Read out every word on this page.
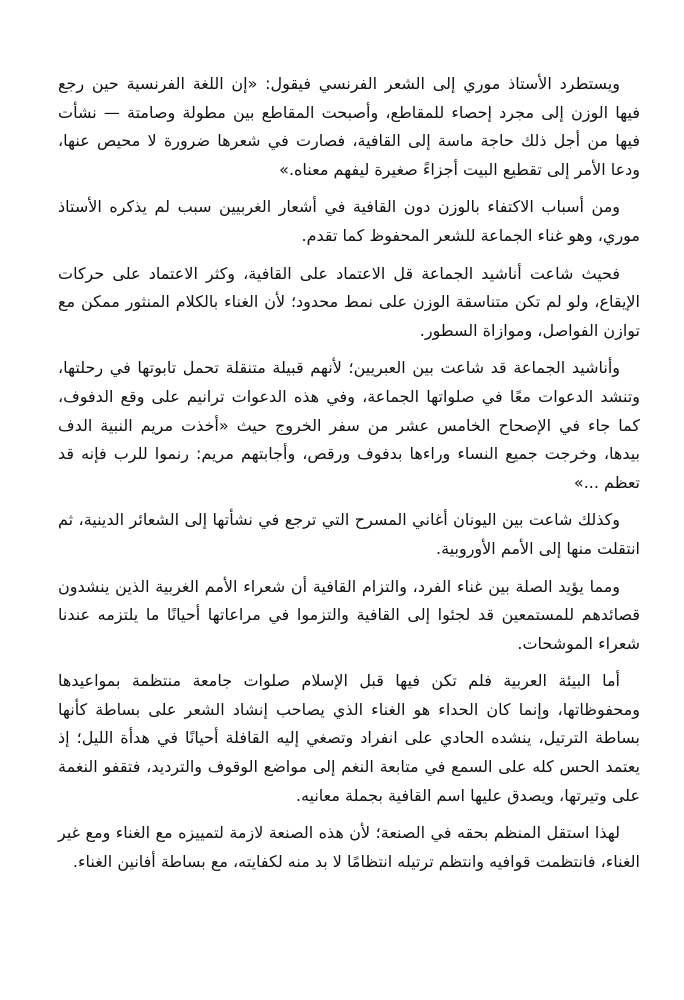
ويستطرد الأستاذ موري إلى الشعر الفرنسي فيقول: «إن اللغة الفرنسية حين رجع فيها الوزن إلى مجرد إحصاء للمقاطع، وأصبحت المقاطع بين مطولة وصامتة — نشأت فيها من أجل ذلك حاجة ماسة إلى القافية، فصارت في شعرها ضرورة لا محيص عنها، ودعا الأمر إلى تقطيع البيت أجزاءً صغيرة ليفهم معناه.»

ومن أسباب الاكتفاء بالوزن دون القافية في أشعار الغربيين سبب لم يذكره الأستاذ موري، وهو غناء الجماعة للشعر المحفوظ كما تقدم.

فحيث شاعت أناشيد الجماعة قل الاعتماد على القافية، وكثر الاعتماد على حركات الإيقاع، ولو لم تكن متناسقة الوزن على نمط محدود؛ لأن الغناء بالكلام المنثور ممكن مع توازن الفواصل، وموازاة السطور.

وأناشيد الجماعة قد شاعت بين العبريين؛ لأنهم قبيلة متنقلة تحمل تابوتها في رحلتها، وتنشد الدعوات معًا في صلواتها الجماعة، وفي هذه الدعوات ترانيم على وقع الدفوف، كما جاء في الإصحاح الخامس عشر من سفر الخروج حيث «أخذت مريم النبية الدف بيدها، وخرجت جميع النساء وراءها بدفوف ورقص، وأجابتهم مريم: رنموا للرب فإنه قد تعظم ...»

وكذلك شاعت بين اليونان أغاني المسرح التي ترجع في نشأتها إلى الشعائر الدينية، ثم انتقلت منها إلى الأمم الأوروبية.

ومما يؤيد الصلة بين غناء الفرد، والتزام القافية أن شعراء الأمم الغربية الذين ينشدون قصائدهم للمستمعين قد لجئوا إلى القافية والتزموا في مراعاتها أحيانًا ما يلتزمه عندنا شعراء الموشحات.

أما البيئة العربية فلم تكن فيها قبل الإسلام صلوات جامعة منتظمة بمواعيدها ومحفوظاتها، وإنما كان الحداء هو الغناء الذي يصاحب إنشاد الشعر على بساطة كأنها بساطة الترتيل، ينشده الحادي على انفراد وتصغي إليه القافلة أحيانًا في هدأة الليل؛ إذ يعتمد الحس كله على السمع في متابعة النغم إلى مواضع الوقوف والترديد، فتقفو النغمة على وتيرتها، ويصدق عليها اسم القافية بجملة معانيه.

لهذا استقل المنظم بحقه في الصنعة؛ لأن هذه الصنعة لازمة لتمييزه مع الغناء ومع غير الغناء، فانتظمت قوافيه وانتظم ترتيله انتظامًا لا بد منه لكفايته، مع بساطة أفانين الغناء.
